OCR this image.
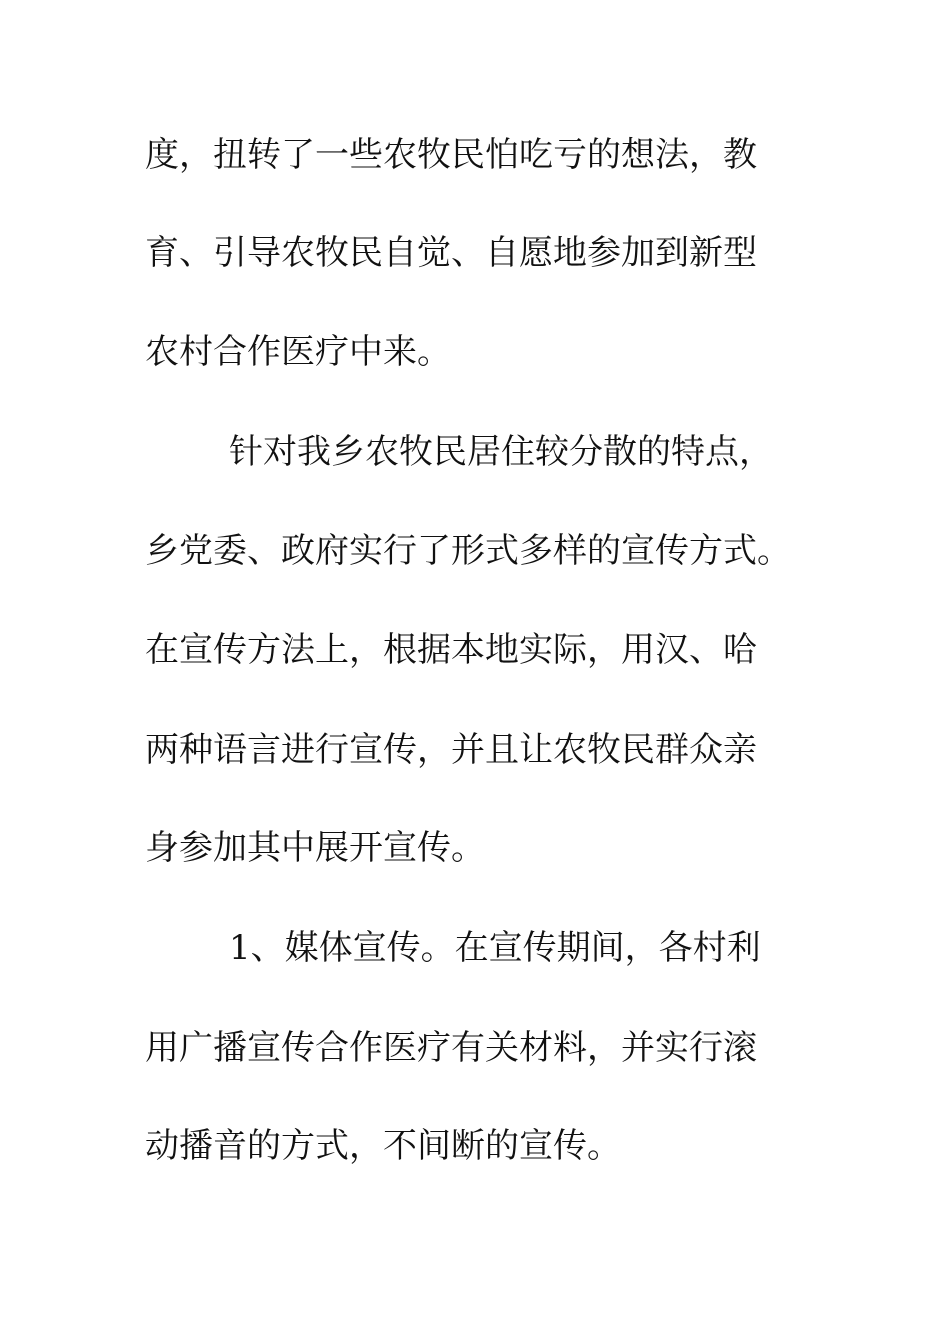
度，扭转了一些农牧民怕吃亏的想法，教
育、引导农牧民自觉、自愿地参加到新型
农村合作医疗中来。
针对我乡农牧民居住较分散的特点，
乡党委、政府实行了形式多样的宣传方式。
在宣传方法上，根据本地实际，用汉、哈
两种语言进行宣传，并且让农牧民群众亲
身参加其中展开宣传。
1、媒体宣传。在宣传期间，各村利
用广播宣传合作医疗有关材料，并实行滚
动播音的方式，不间断的宣传。
